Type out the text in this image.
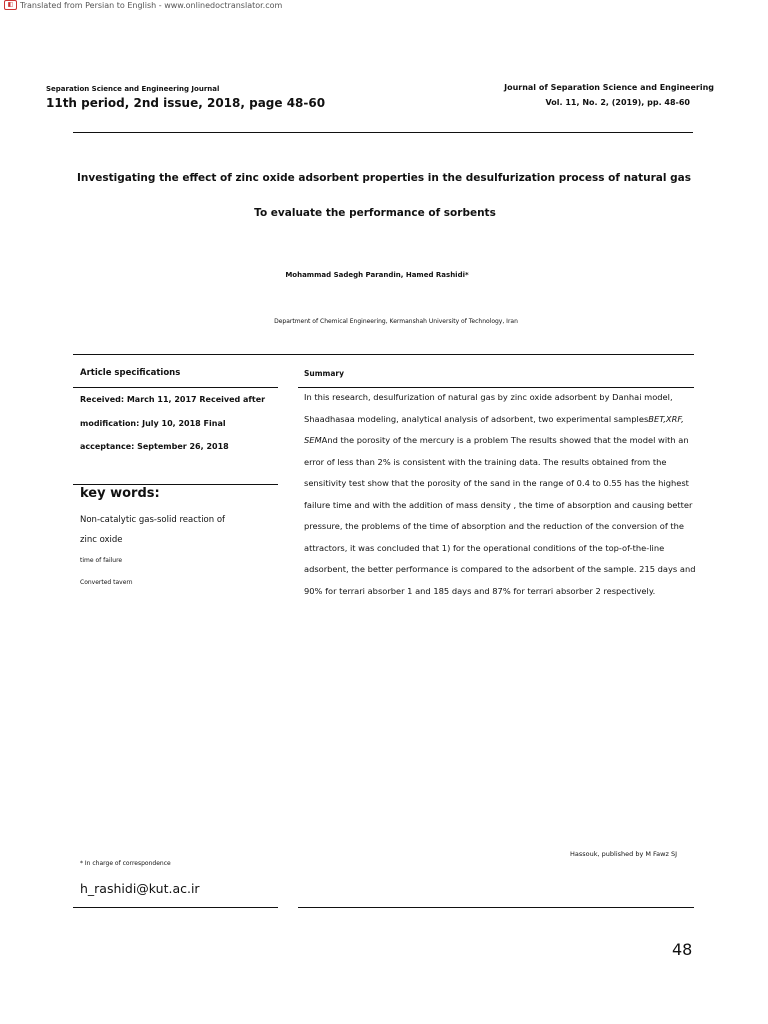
◧ Translated from Persian to English - www.onlinedoctranslator.com
Separation Science and Engineering Journal
11th period, 2nd issue, 2018, page 48-60
Journal of Separation Science and Engineering
Vol. 11, No. 2, (2019), pp. 48-60
Investigating the effect of zinc oxide adsorbent properties in the desulfurization process of natural gas
To evaluate the performance of sorbents
Mohammad Sadegh Parandin, Hamed Rashidi*
Department of Chemical Engineering, Kermanshah University of Technology, Iran
Article specifications	Summary
Received: March 11, 2017 Received after modification: July 10, 2018 Final acceptance: September 26, 2018
In this research, desulfurization of natural gas by zinc oxide adsorbent by Danhai model, Shaadhasaa modeling, analytical analysis of adsorbent, two experimental samplesBET,XRF, SEMAnd the porosity of the mercury is a problem The results showed that the model with an error of less than 2% is consistent with the training data. The results obtained from the sensitivity test show that the porosity of the sand in the range of 0.4 to 0.55 has the highest failure time and with the addition of mass density , the time of absorption and causing better pressure, the problems of the time of absorption and the reduction of the conversion of the attractors, it was concluded that 1) for the operational conditions of the top-of-the-line adsorbent, the better performance is compared to the adsorbent of the sample. 215 days and 90% for terrari absorber 1 and 185 days and 87% for terrari absorber 2 respectively.
key words:
Non-catalytic gas-solid reaction of
zinc oxide
time of failure
Converted tavern
Hassouk, published by M Fawz SJ
* In charge of correspondence
h_rashidi@kut.ac.ir
48
